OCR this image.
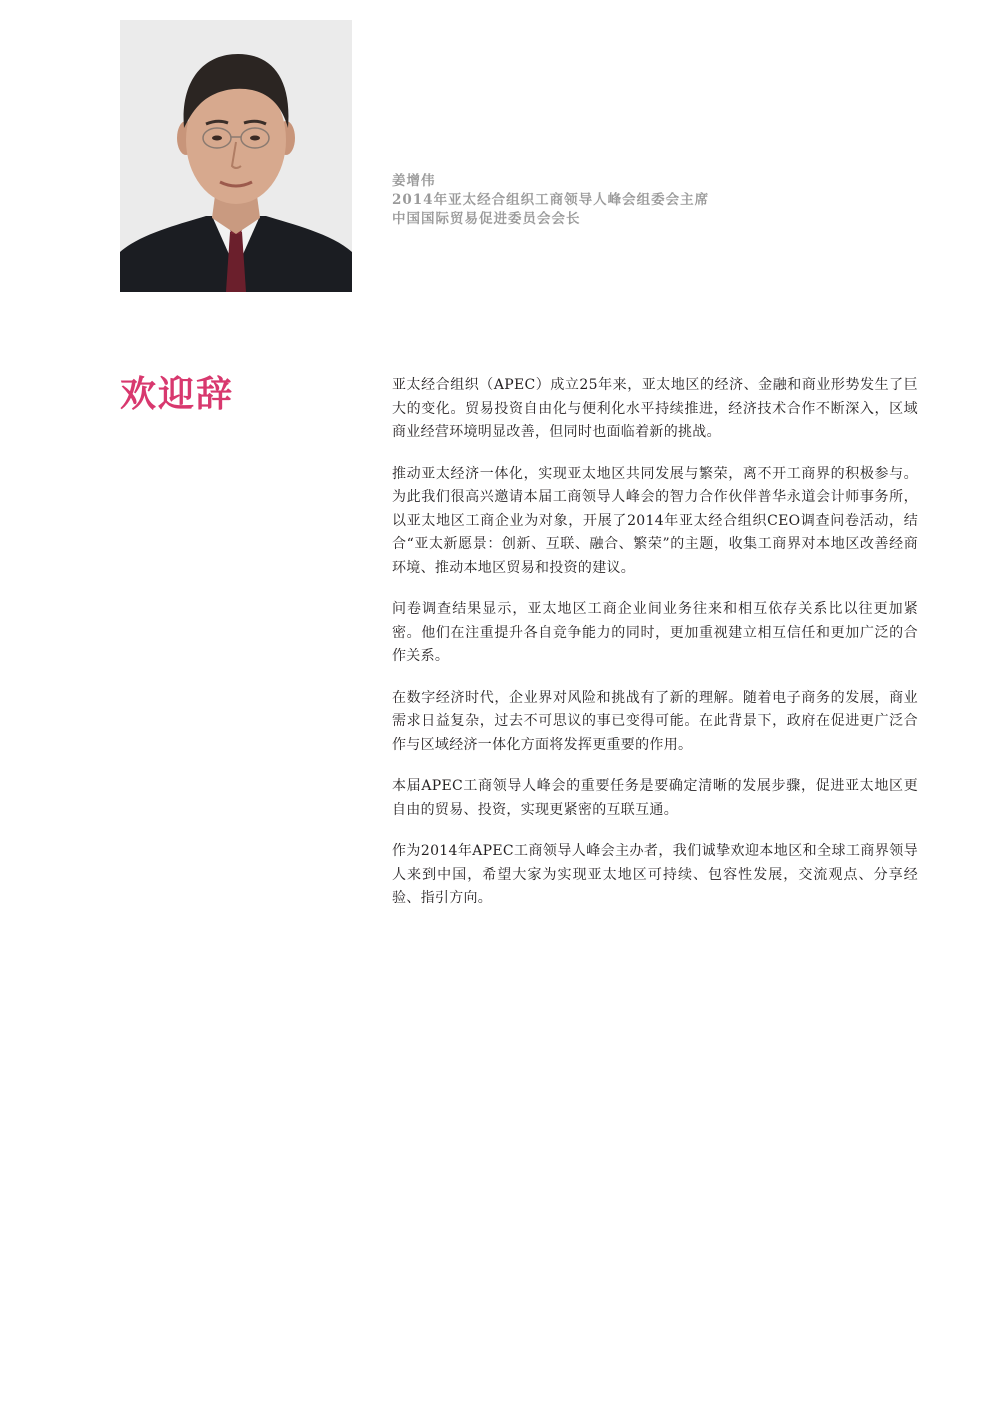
姜增伟
2014年亚太经合组织工商领导人峰会组委会主席
中国国际贸易促进委员会会长
欢迎辞	亚太经合组织（APEC）成立25年来，亚太地区的经济、金融和商业形势发生了巨大的变化。贸易投资自由化与便利化水平持续推进，经济技术合作不断深入，区域商业经营环境明显改善，但同时也面临着新的挑战。

推动亚太经济一体化，实现亚太地区共同发展与繁荣，离不开工商界的积极参与。为此我们很高兴邀请本届工商领导人峰会的智力合作伙伴普华永道会计师事务所，以亚太地区工商企业为对象，开展了2014年亚太经合组织CEO调查问卷活动，结合“亚太新愿景：创新、互联、融合、繁荣”的主题，收集工商界对本地区改善经商环境、推动本地区贸易和投资的建议。

问卷调查结果显示，亚太地区工商企业间业务往来和相互依存关系比以往更加紧密。他们在注重提升各自竞争能力的同时，更加重视建立相互信任和更加广泛的合作关系。

在数字经济时代，企业界对风险和挑战有了新的理解。随着电子商务的发展，商业需求日益复杂，过去不可思议的事已变得可能。在此背景下，政府在促进更广泛合作与区域经济一体化方面将发挥更重要的作用。

本届APEC工商领导人峰会的重要任务是要确定清晰的发展步骤，促进亚太地区更自由的贸易、投资，实现更紧密的互联互通。

作为2014年APEC工商领导人峰会主办者，我们诚挚欢迎本地区和全球工商界领导人来到中国，希望大家为实现亚太地区可持续、包容性发展，交流观点、分享经验、指引方向。
